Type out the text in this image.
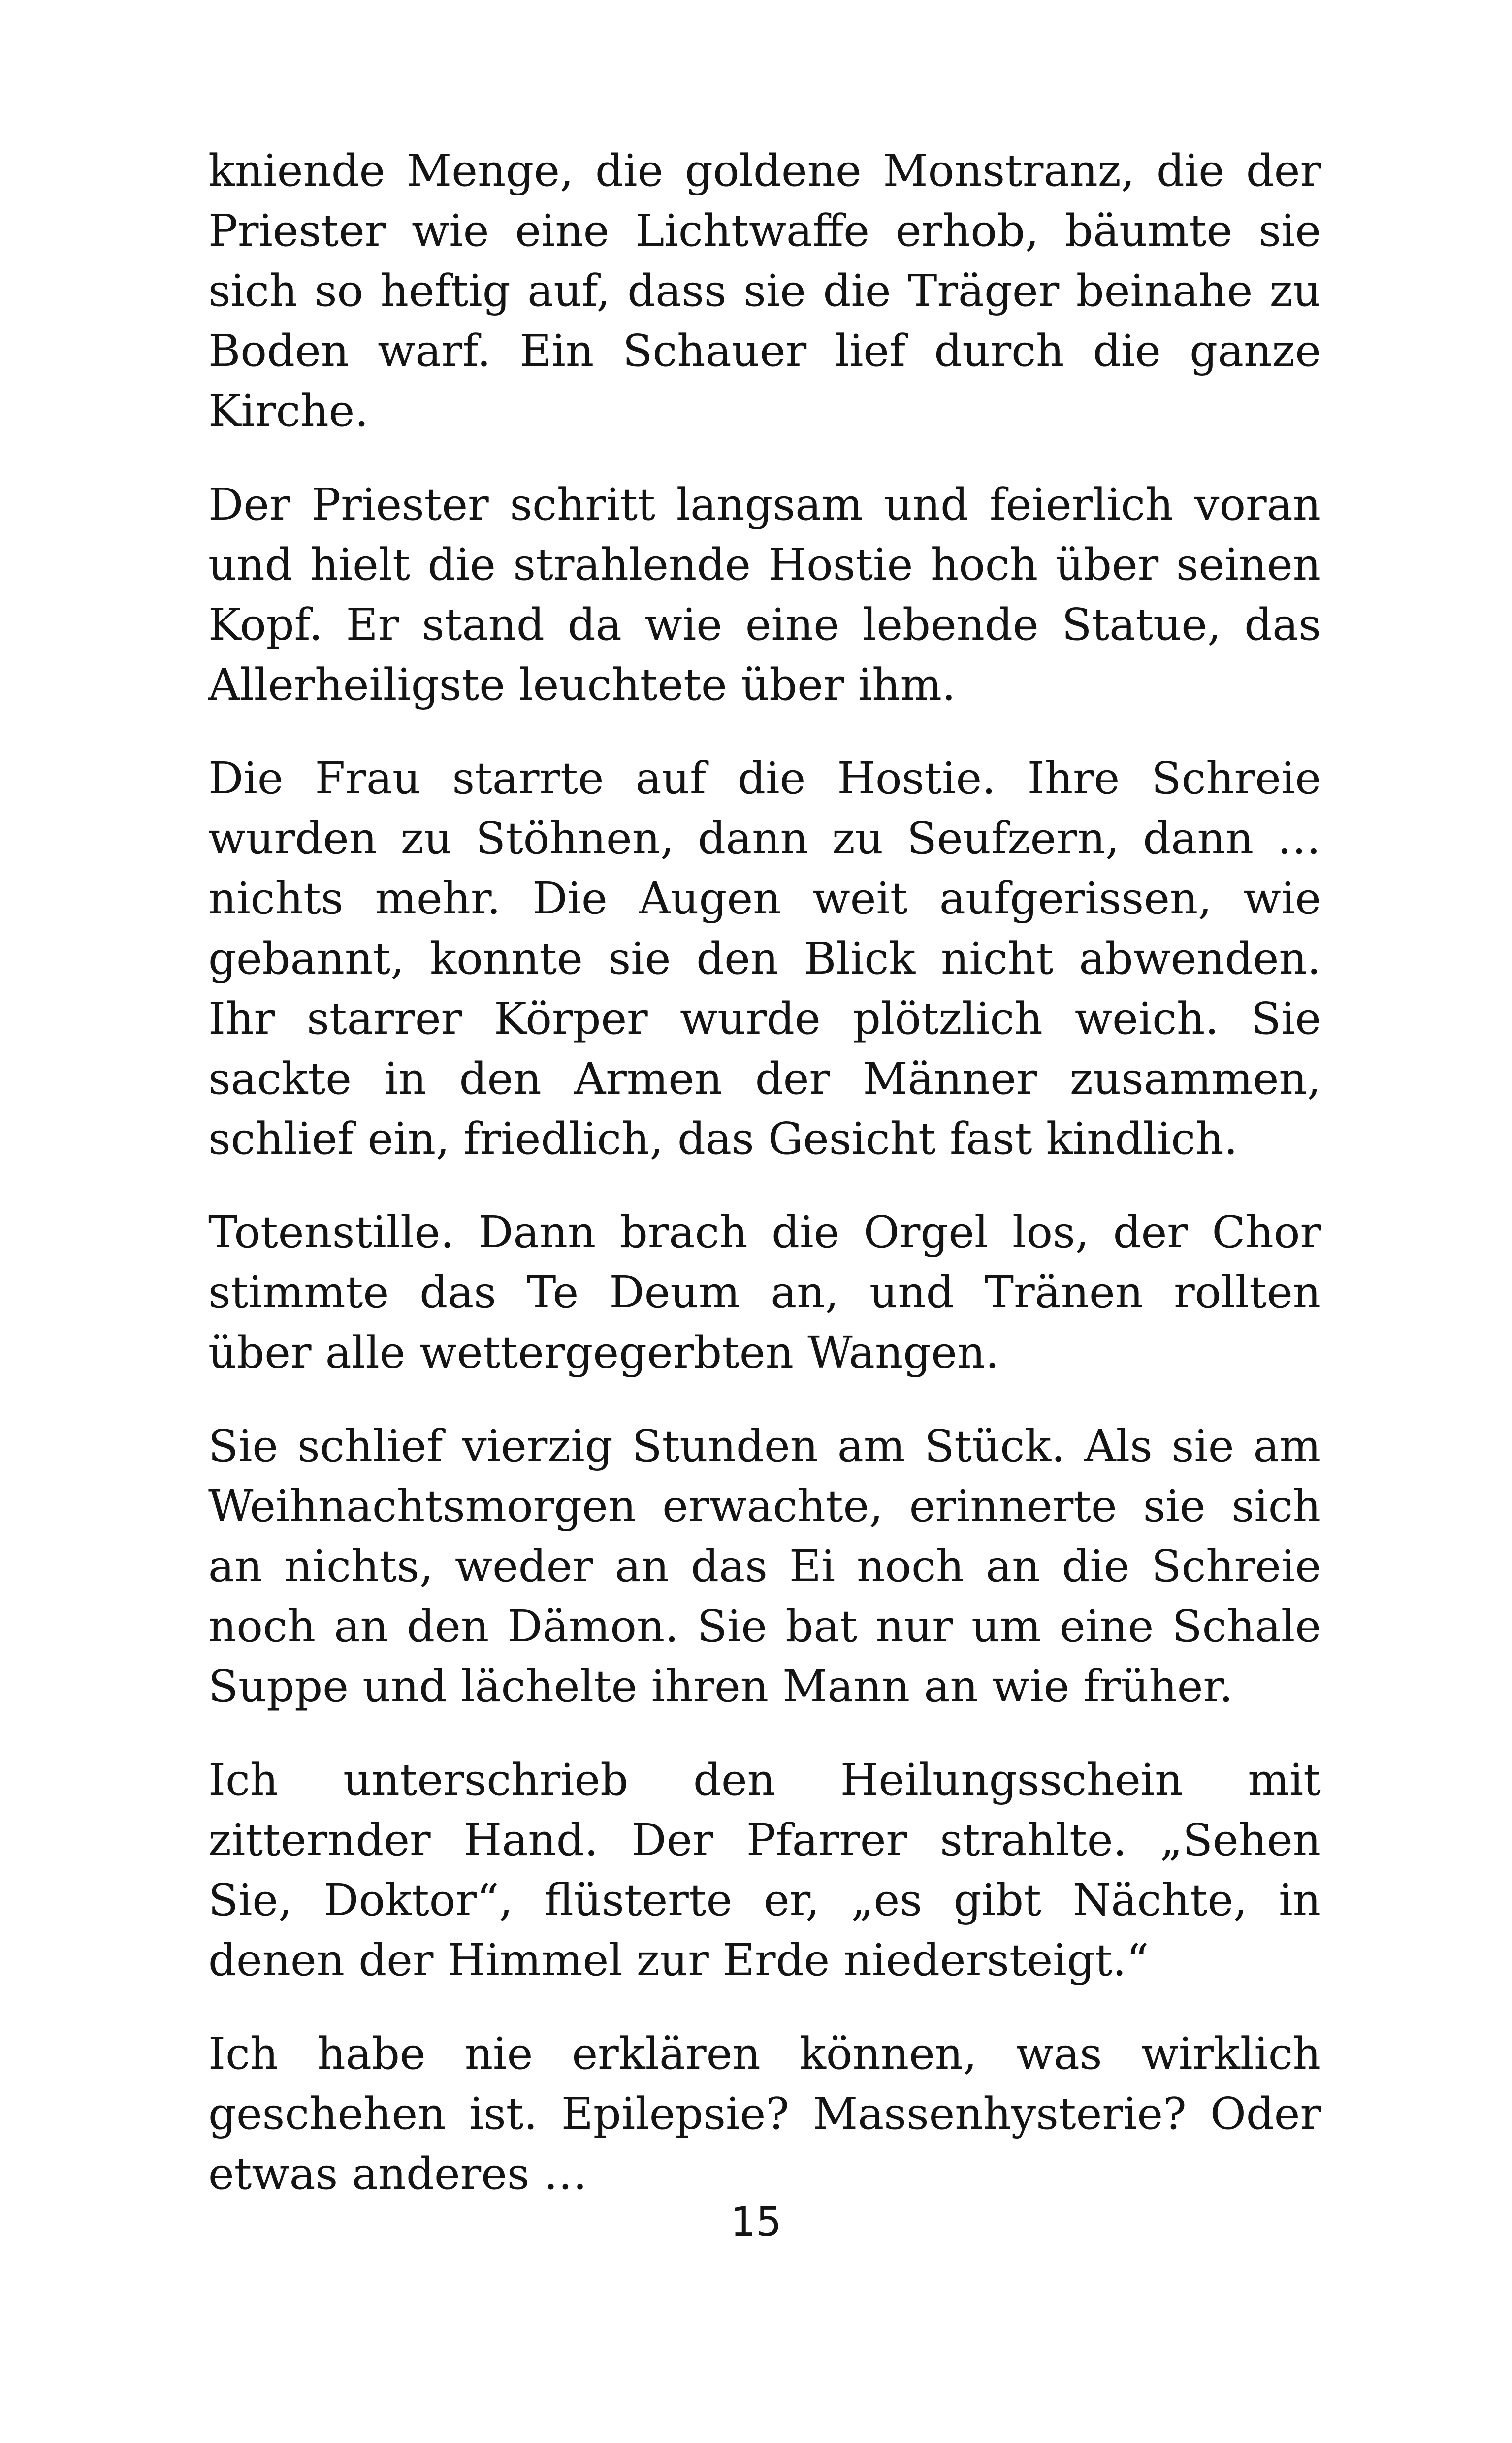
kniende Menge, die goldene Monstranz, die der Priester wie eine Lichtwaffe erhob, bäumte sie sich so heftig auf, dass sie die Träger beinahe zu Boden warf. Ein Schauer lief durch die ganze Kirche.

Der Priester schritt langsam und feierlich voran und hielt die strahlende Hostie hoch über seinen Kopf. Er stand da wie eine lebende Statue, das Allerheiligste leuchtete über ihm.

Die Frau starrte auf die Hostie. Ihre Schreie wurden zu Stöhnen, dann zu Seufzern, dann … nichts mehr. Die Augen weit aufgerissen, wie gebannt, konnte sie den Blick nicht abwenden. Ihr starrer Körper wurde plötzlich weich. Sie sackte in den Armen der Männer zusammen, schlief ein, friedlich, das Gesicht fast kindlich.

Totenstille. Dann brach die Orgel los, der Chor stimmte das Te Deum an, und Tränen rollten über alle wettergegerbten Wangen.

Sie schlief vierzig Stunden am Stück. Als sie am Weihnachtsmorgen erwachte, erinnerte sie sich an nichts, weder an das Ei noch an die Schreie noch an den Dämon. Sie bat nur um eine Schale Suppe und lächelte ihren Mann an wie früher.

Ich unterschrieb den Heilungsschein mit zitternder Hand. Der Pfarrer strahlte. „Sehen Sie, Doktor“, flüsterte er, „es gibt Nächte, in denen der Himmel zur Erde niedersteigt.“

Ich habe nie erklären können, was wirklich geschehen ist. Epilepsie? Massenhysterie? Oder etwas anderes …

15
